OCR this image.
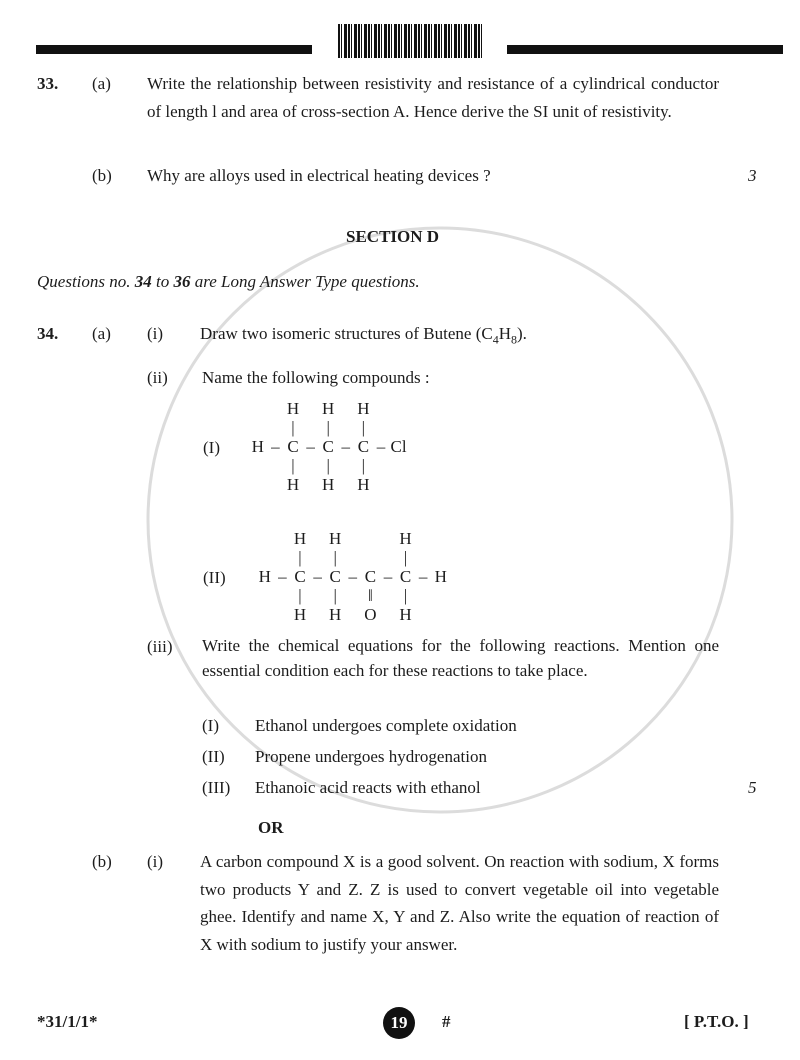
33. (a) Write the relationship between resistivity and resistance of a cylindrical conductor of length l and area of cross-section A. Hence derive the SI unit of resistivity.
(b) Why are alloys used in electrical heating devices ?	3
SECTION D
Questions no. 34 to 36 are Long Answer Type questions.
34. (a) (i) Draw two isomeric structures of Butene $(C_4H_8)$.
(ii) Name the following compounds :
(I)
H H H
|	|	|
H – C – C – C – Cl
|	|	|
H H H
(II)
H H	H
|	|	|
H – C – C – C – C – H
|	|	‖	|
H H O H
(iii) Write the chemical equations for the following reactions. Mention one essential condition each for these reactions to take place.
(I) Ethanol undergoes complete oxidation
(II) Propene undergoes hydrogenation
(III) Ethanoic acid reacts with ethanol	5
OR
(b) (i) A carbon compound X is a good solvent. On reaction with sodium, X forms two products Y and Z. Z is used to convert vegetable oil into vegetable ghee. Identify and name X, Y and Z. Also write the equation of reaction of X with sodium to justify your answer.
*31/1/1*	19	#	[ P.T.O. ]
